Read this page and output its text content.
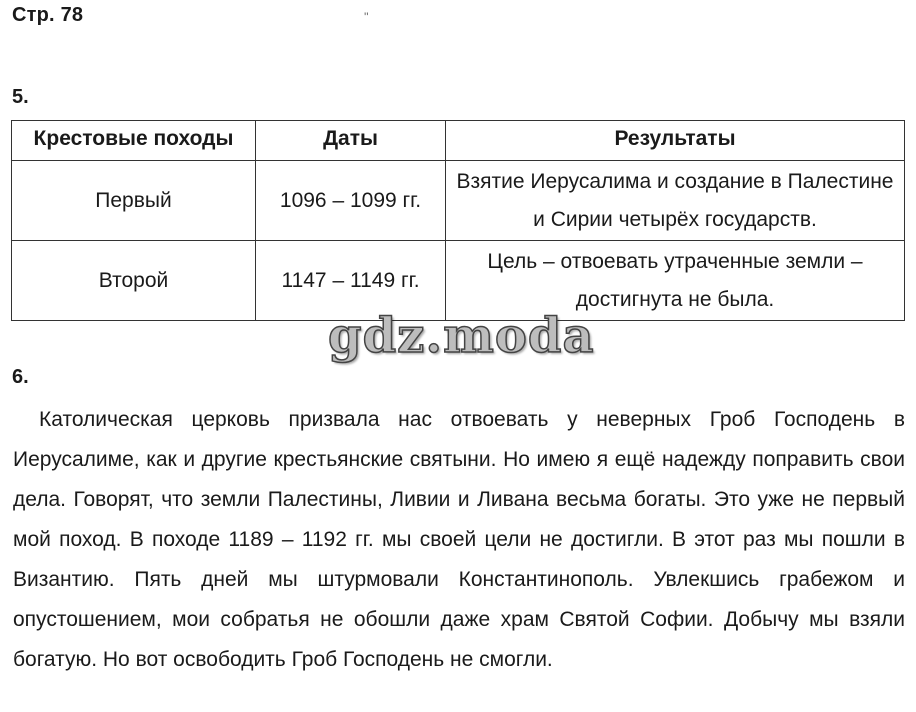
Стр. 78	''
5.
Крестовые походы	Даты	Результаты
Первый	1096 – 1099 гг.	Взятие Иерусалима и создание в Палестине и Сирии четырёх государств.
Второй	1147 – 1149 гг.	Цель – отвоевать утраченные земли – достигнута не была.
gdz.moda
6.

Католическая церковь призвала нас отвоевать у неверных Гроб Господень в Иерусалиме, как и другие крестьянские святыни. Но имею я ещё надежду поправить свои дела. Говорят, что земли Палестины, Ливии и Ливана весьма богаты. Это уже не первый мой поход. В походе 1189 – 1192 гг. мы своей цели не достигли. В этот раз мы пошли в Византию. Пять дней мы штурмовали Константинополь. Увлекшись грабежом и опустошением, мои собратья не обошли даже храм Святой Софии. Добычу мы взяли богатую. Но вот освободить Гроб Господень не смогли.
